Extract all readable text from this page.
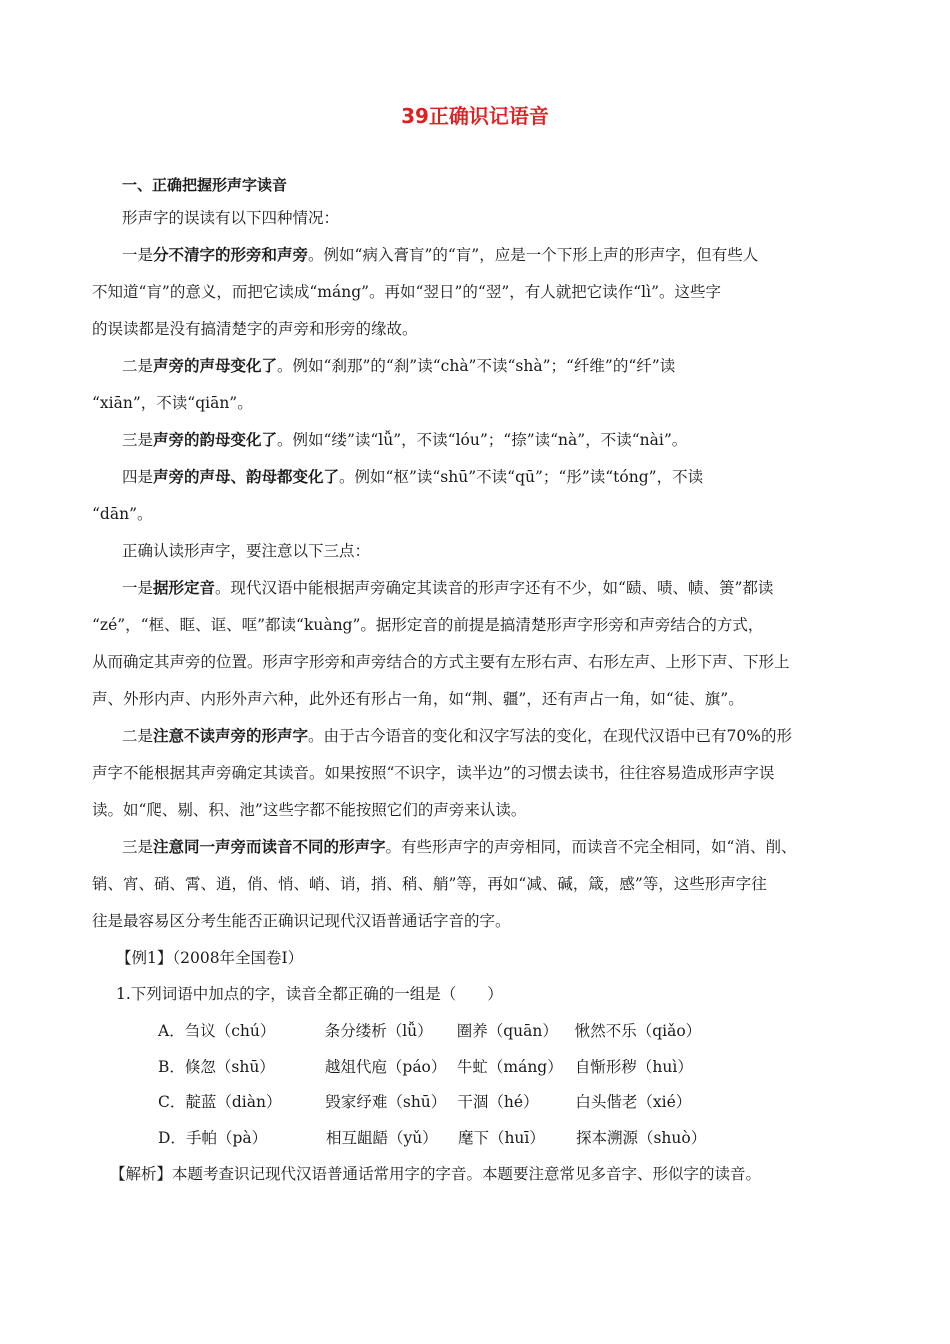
39正确识记语音
一、正确把握形声字读音
形声字的误读有以下四种情况：
一是分不清字的形旁和声旁。例如“病入膏肓”的“肓”，应是一个下形上声的形声字，但有些人
不知道“肓”的意义，而把它读成“máng”。再如“翌日”的“翌”，有人就把它读作“lì”。这些字
的误读都是没有搞清楚字的声旁和形旁的缘故。
二是声旁的声母变化了。例如“刹那”的“刹”读“chà”不读“shà”；“纤维”的“纤”读
“xiān”，不读“qiān”。
三是声旁的韵母变化了。例如“缕”读“lǚ”，不读“lóu”；“捺”读“nà”，不读“nài”。
四是声旁的声母、韵母都变化了。例如“枢”读“shū”不读“qū”；“彤”读“tóng”，不读
“dān”。
正确认读形声字，要注意以下三点：
一是据形定音。现代汉语中能根据声旁确定其读音的形声字还有不少，如“赜、啧、帻、箦”都读
“zé”，“框、眶、诓、哐”都读“kuàng”。据形定音的前提是搞清楚形声字形旁和声旁结合的方式，
从而确定其声旁的位置。形声字形旁和声旁结合的方式主要有左形右声、右形左声、上形下声、下形上
声、外形内声、内形外声六种，此外还有形占一角，如“荆、疆”，还有声占一角，如“徒、旗”。
二是注意不读声旁的形声字。由于古今语音的变化和汉字写法的变化，在现代汉语中已有70%的形
声字不能根据其声旁确定其读音。如果按照“不识字，读半边”的习惯去读书，往往容易造成形声字误
读。如“爬、剔、积、池”这些字都不能按照它们的声旁来认读。
三是注意同一声旁而读音不同的形声字。有些形声字的声旁相同，而读音不完全相同，如“消、削、
销、宵、硝、霄、逍，俏、悄、峭、诮，捎、稍、艄”等，再如“减、碱，箴，感”等，这些形声字往
往是最容易区分考生能否正确识记现代汉语普通话字音的字。
【例1】（2008年全国卷Ⅰ）
1.下列词语中加点的字，读音全都正确的一组是（　　）
A．刍议（chú）	条分缕析（lǚ） 圈养（quān） 愀然不乐（qiǎo）
B．倏忽（shū）	越俎代庖（páo） 牛虻（máng） 自惭形秽（huì）
C．靛蓝（diàn）	毁家纾难（shū） 干涸（hé） 白头偕老（xié）
D．手帕（pà）	相互龃龉（yǔ） 麾下（huī） 探本溯源（shuò）
【解析】本题考查识记现代汉语普通话常用字的字音。本题要注意常见多音字、形似字的读音。
